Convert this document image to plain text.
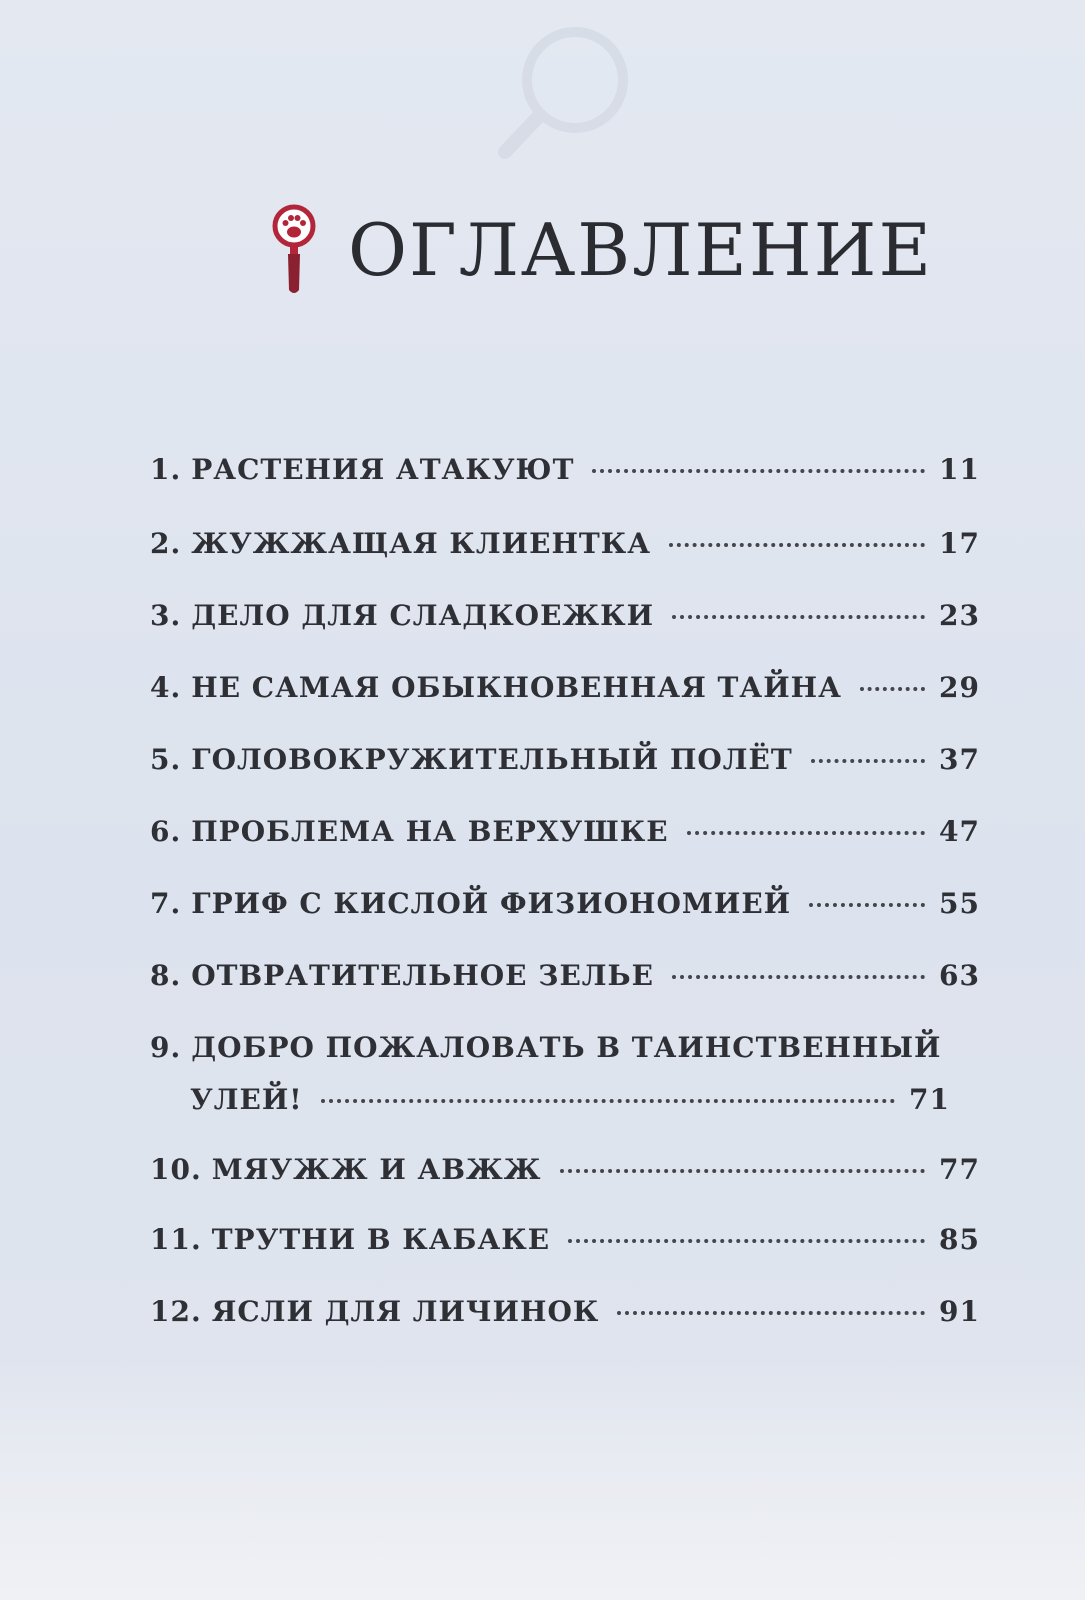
ОГЛАВЛЕНИЕ
1. РАСТЕНИЯ АТАКУЮТ	11
2. ЖУЖЖАЩАЯ КЛИЕНТКА	17
3. ДЕЛО ДЛЯ СЛАДКОЕЖКИ	23
4. НЕ САМАЯ ОБЫКНОВЕННАЯ ТАЙНА	29
5. ГОЛОВОКРУЖИТЕЛЬНЫЙ ПОЛЁТ	37
6. ПРОБЛЕМА НА ВЕРХУШКЕ	47
7. ГРИФ С КИСЛОЙ ФИЗИОНОМИЕЙ	55
8. ОТВРАТИТЕЛЬНОЕ ЗЕЛЬЕ	63
9. ДОБРО ПОЖАЛОВАТЬ В ТАИНСТВЕННЫЙ
УЛЕЙ!	71
10. МЯУЖЖ И АВЖЖ	77
11. ТРУТНИ В КАБАКЕ	85
12. ЯСЛИ ДЛЯ ЛИЧИНОК	91
